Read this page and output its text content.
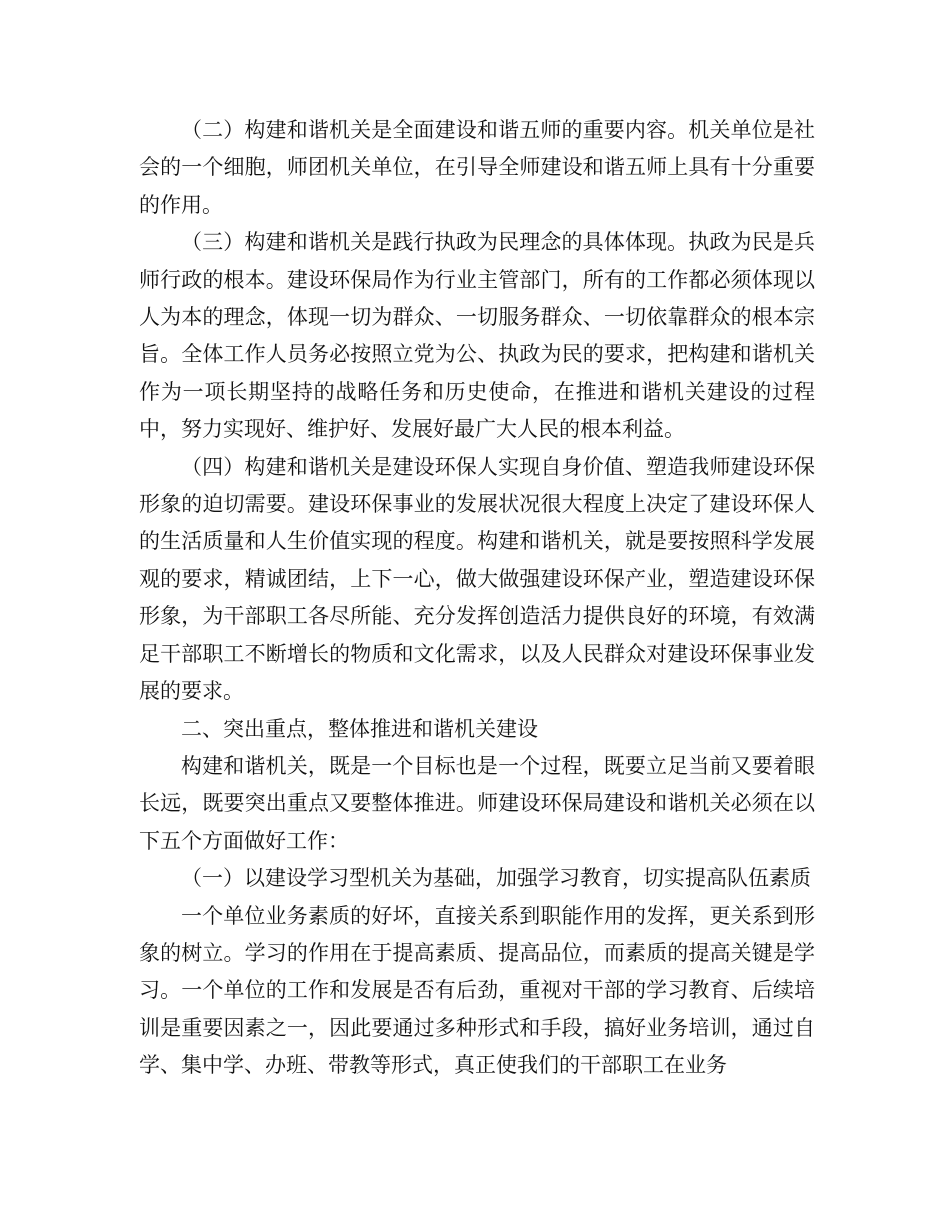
（二）构建和谐机关是全面建设和谐五师的重要内容。机关单位是社会的一个细胞，师团机关单位，在引导全师建设和谐五师上具有十分重要的作用。

（三）构建和谐机关是践行执政为民理念的具体体现。执政为民是兵师行政的根本。建设环保局作为行业主管部门，所有的工作都必须体现以人为本的理念，体现一切为群众、一切服务群众、一切依靠群众的根本宗旨。全体工作人员务必按照立党为公、执政为民的要求，把构建和谐机关作为一项长期坚持的战略任务和历史使命，在推进和谐机关建设的过程中，努力实现好、维护好、发展好最广大人民的根本利益。

（四）构建和谐机关是建设环保人实现自身价值、塑造我师建设环保形象的迫切需要。建设环保事业的发展状况很大程度上决定了建设环保人的生活质量和人生价值实现的程度。构建和谐机关，就是要按照科学发展观的要求，精诚团结，上下一心，做大做强建设环保产业，塑造建设环保形象，为干部职工各尽所能、充分发挥创造活力提供良好的环境，有效满足干部职工不断增长的物质和文化需求，以及人民群众对建设环保事业发展的要求。

二、突出重点，整体推进和谐机关建设

构建和谐机关，既是一个目标也是一个过程，既要立足当前又要着眼长远，既要突出重点又要整体推进。师建设环保局建设和谐机关必须在以下五个方面做好工作：

（一）以建设学习型机关为基础，加强学习教育，切实提高队伍素质

一个单位业务素质的好坏，直接关系到职能作用的发挥，更关系到形象的树立。学习的作用在于提高素质、提高品位，而素质的提高关键是学习。一个单位的工作和发展是否有后劲，重视对干部的学习教育、后续培训是重要因素之一，因此要通过多种形式和手段，搞好业务培训，通过自学、集中学、办班、带教等形式，真正使我们的干部职工在业务
